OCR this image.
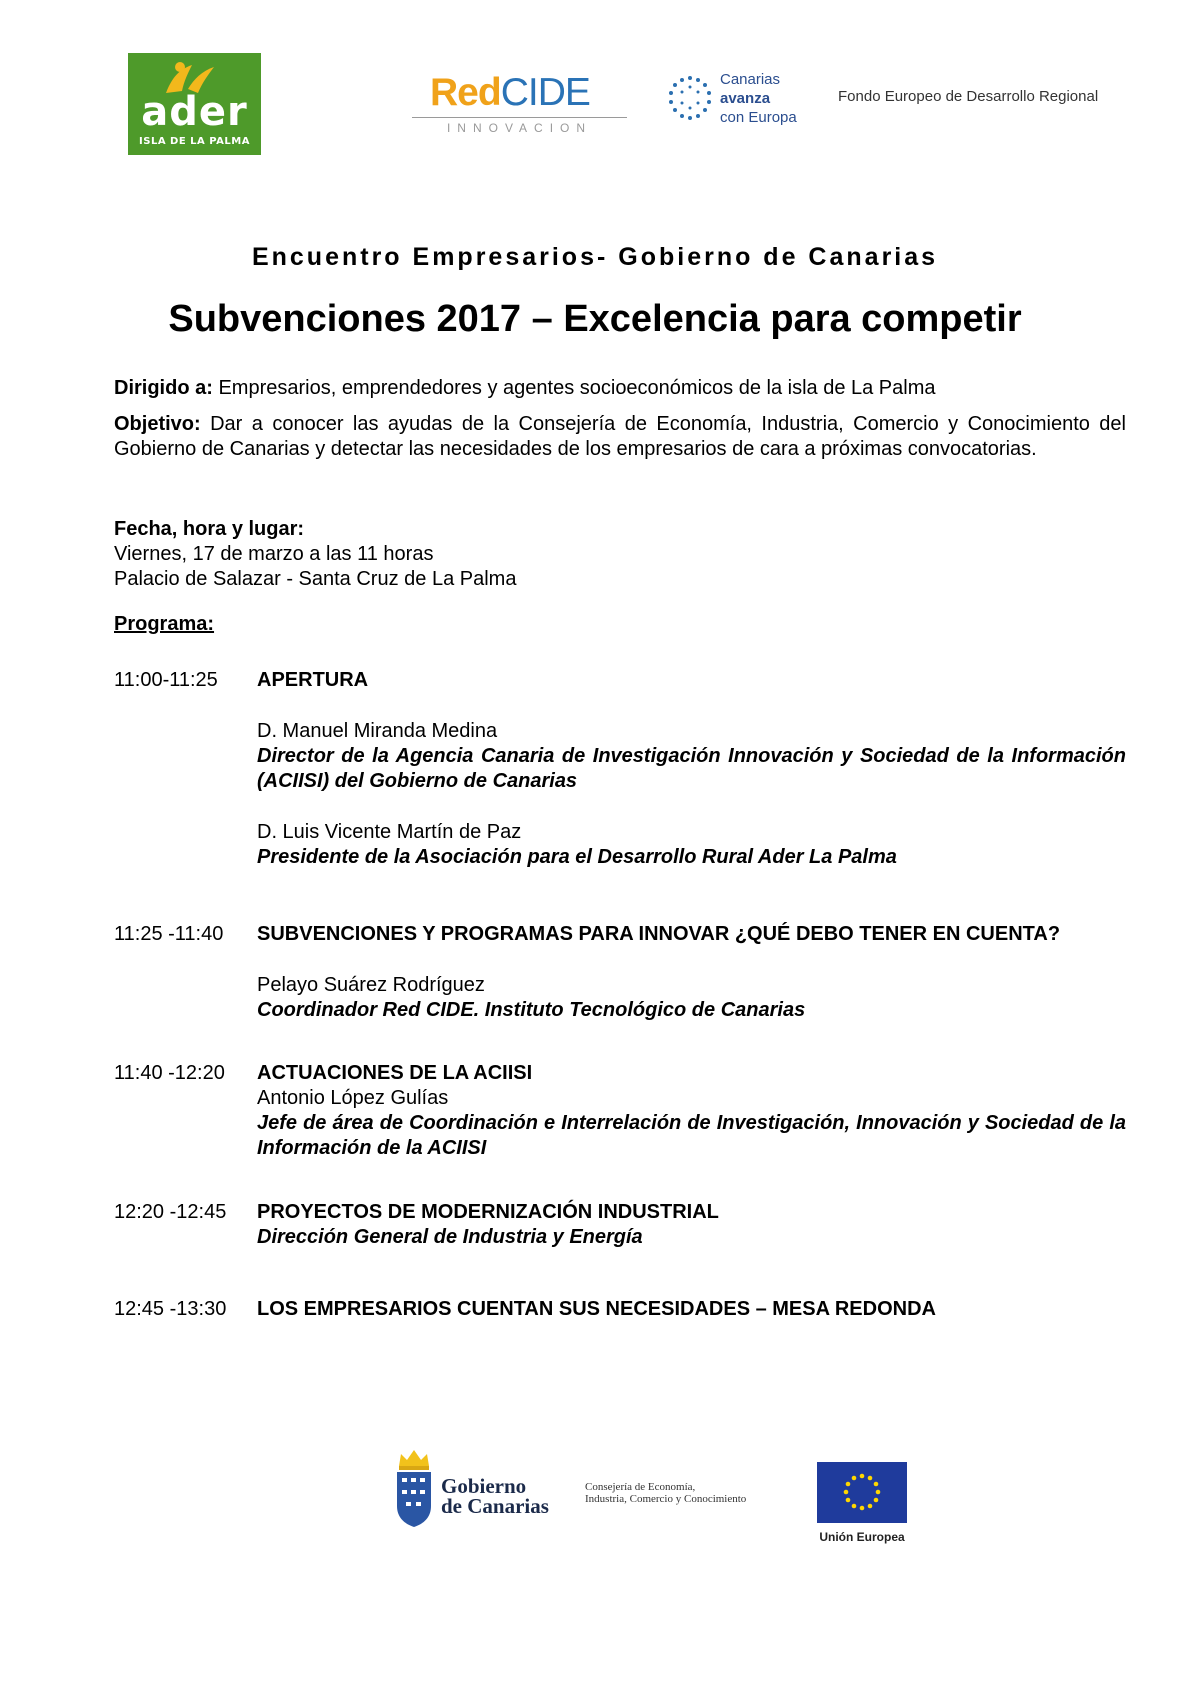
ader
ISLA DE LA PALMA
RedCIDE
INNOVACION
Canarias
avanza
con Europa
Fondo Europeo de Desarrollo Regional
Encuentro Empresarios- Gobierno de Canarias
Subvenciones 2017 – Excelencia para competir
Dirigido a: Empresarios, emprendedores y agentes socioeconómicos de la isla de La Palma
Objetivo: Dar a conocer las ayudas de la Consejería de Economía, Industria, Comercio y Conocimiento del Gobierno de Canarias y detectar las necesidades de los empresarios de cara a próximas convocatorias.
Fecha, hora y lugar:
Viernes, 17 de marzo a las 11 horas
Palacio de Salazar - Santa Cruz de La Palma
Programa:
11:00-11:25 APERTURA
D. Manuel Miranda Medina
Director de la Agencia Canaria de Investigación Innovación y Sociedad de la Información (ACIISI) del Gobierno de Canarias
D. Luis Vicente Martín de Paz
Presidente de la Asociación para el Desarrollo Rural Ader La Palma
11:25 -11:40 SUBVENCIONES Y PROGRAMAS PARA INNOVAR ¿QUÉ DEBO TENER EN CUENTA?
Pelayo Suárez Rodríguez
Coordinador Red CIDE. Instituto Tecnológico de Canarias
11:40 -12:20 ACTUACIONES DE LA ACIISI
Antonio López Gulías
Jefe de área de Coordinación e Interrelación de Investigación, Innovación y Sociedad de la Información de la ACIISI
12:20 -12:45 PROYECTOS DE MODERNIZACIÓN INDUSTRIAL
Dirección General de Industria y Energía
12:45 -13:30 LOS EMPRESARIOS CUENTAN SUS NECESIDADES – MESA REDONDA
Gobierno
de Canarias
Consejería de Economía,
Industria, Comercio y Conocimiento
Unión Europea
